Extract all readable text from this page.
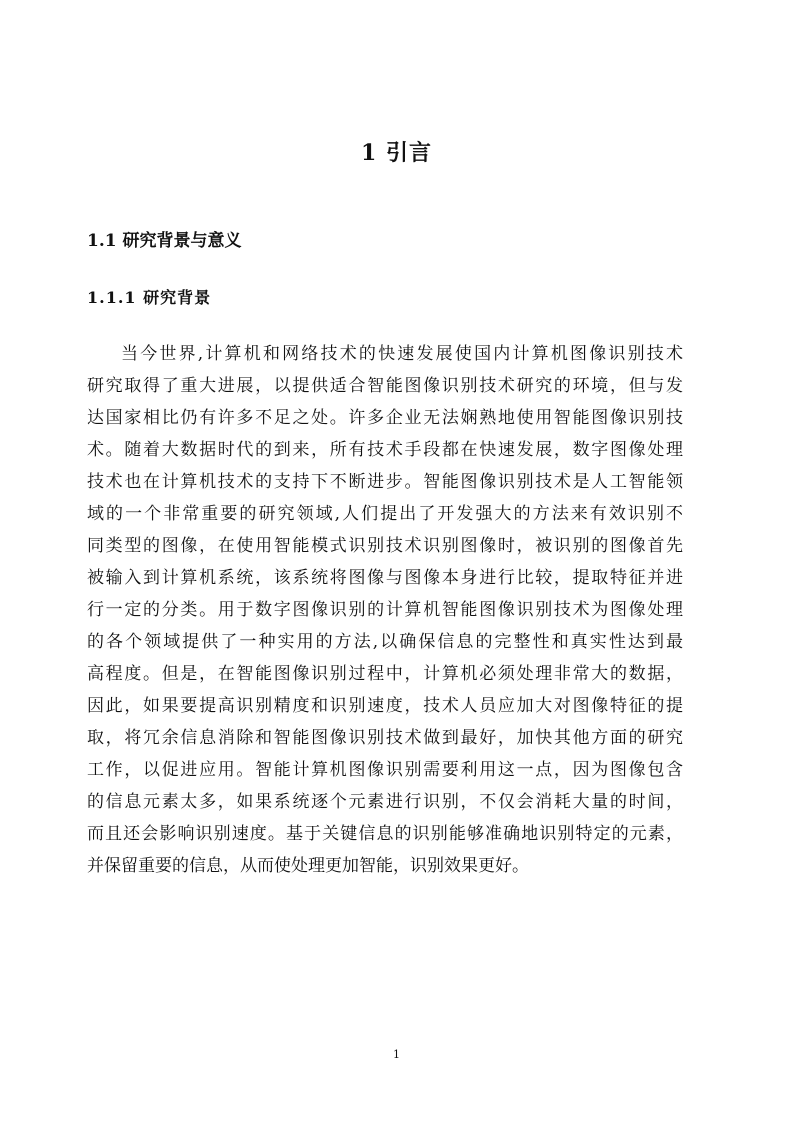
1 引言
1.1 研究背景与意义
1.1.1 研究背景
当今世界,计算机和网络技术的快速发展使国内计算机图像识别技术
研究取得了重大进展，以提供适合智能图像识别技术研究的环境，但与发
达国家相比仍有许多不足之处。许多企业无法娴熟地使用智能图像识别技
术。随着大数据时代的到来，所有技术手段都在快速发展，数字图像处理
技术也在计算机技术的支持下不断进步。智能图像识别技术是人工智能领
域的一个非常重要的研究领域,人们提出了开发强大的方法来有效识别不
同类型的图像，在使用智能模式识别技术识别图像时，被识别的图像首先
被输入到计算机系统，该系统将图像与图像本身进行比较，提取特征并进
行一定的分类。用于数字图像识别的计算机智能图像识别技术为图像处理
的各个领域提供了一种实用的方法,以确保信息的完整性和真实性达到最
高程度。但是，在智能图像识别过程中，计算机必须处理非常大的数据，
因此，如果要提高识别精度和识别速度，技术人员应加大对图像特征的提
取，将冗余信息消除和智能图像识别技术做到最好，加快其他方面的研究
工作，以促进应用。智能计算机图像识别需要利用这一点，因为图像包含
的信息元素太多，如果系统逐个元素进行识别，不仅会消耗大量的时间，
而且还会影响识别速度。基于关键信息的识别能够准确地识别特定的元素，
并保留重要的信息，从而使处理更加智能，识别效果更好。
1
